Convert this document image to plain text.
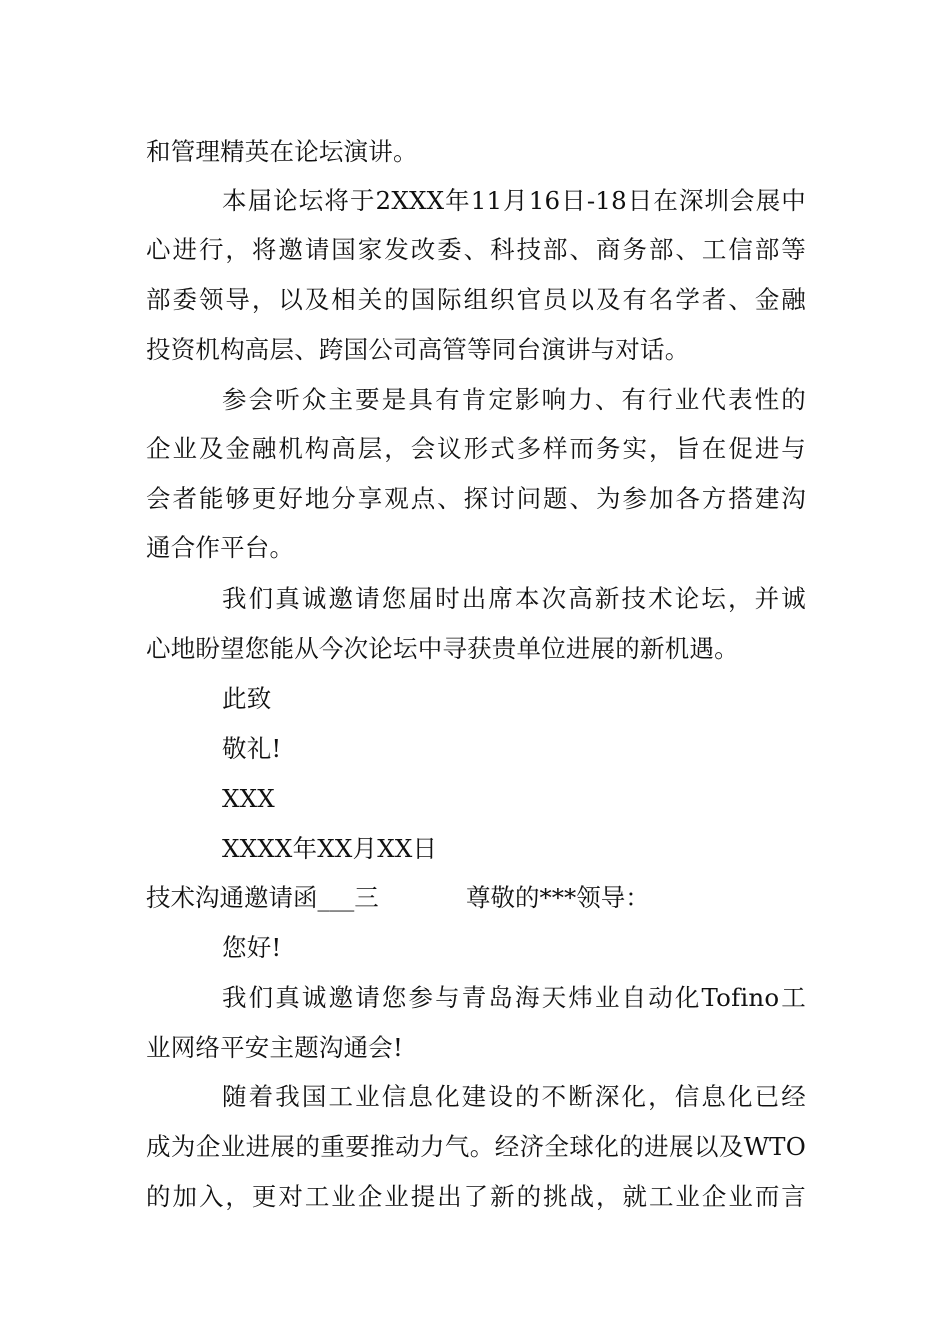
和管理精英在论坛演讲。
本届论坛将于2XXX年11月16日-18日在深圳会展中
心进行，将邀请国家发改委、科技部、商务部、工信部等
部委领导，以及相关的国际组织官员以及有名学者、金融
投资机构高层、跨国公司高管等同台演讲与对话。
参会听众主要是具有肯定影响力、有行业代表性的
企业及金融机构高层，会议形式多样而务实，旨在促进与
会者能够更好地分享观点、探讨问题、为参加各方搭建沟
通合作平台。
我们真诚邀请您届时出席本次高新技术论坛，并诚
心地盼望您能从今次论坛中寻获贵单位进展的新机遇。
此致
敬礼!
XXX
XXXX年XX月XX日
技术沟通邀请函___三	尊敬的***领导：
您好!
我们真诚邀请您参与青岛海天炜业自动化Tofino工
业网络平安主题沟通会!
随着我国工业信息化建设的不断深化，信息化已经
成为企业进展的重要推动力气。经济全球化的进展以及WTO
的加入，更对工业企业提出了新的挑战，就工业企业而言
